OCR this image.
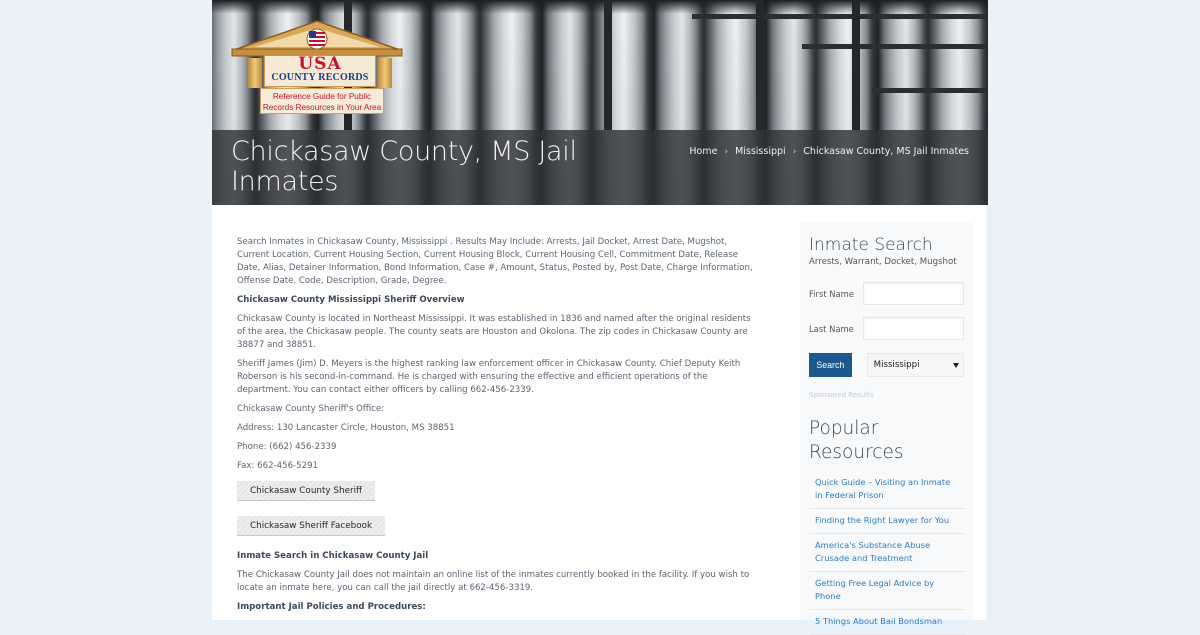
USA
COUNTY RECORDS
Reference Guide for Public
Records Resources in Your Area
Chickasaw County, MS Jail Inmates
Home › Mississippi › Chickasaw County, MS Jail Inmates

Search Inmates in Chickasaw County, Mississippi . Results May Include: Arrests, Jail Docket, Arrest Date, Mugshot, Current Location, Current Housing Section, Current Housing Block, Current Housing Cell, Commitment Date, Release Date, Alias, Detainer Information, Bond Information, Case #, Amount, Status, Posted by, Post Date, Charge Information, Offense Date, Code, Description, Grade, Degree.

Chickasaw County Mississippi Sheriff Overview

Chickasaw County is located in Northeast Mississippi. It was established in 1836 and named after the original residents of the area, the Chickasaw people. The county seats are Houston and Okolona. The zip codes in Chickasaw County are 38877 and 38851.

Sheriff James (Jim) D. Meyers is the highest ranking law enforcement officer in Chickasaw County. Chief Deputy Keith Roberson is his second-in-command. He is charged with ensuring the effective and efficient operations of the department. You can contact either officers by calling 662-456-2339.

Chickasaw County Sheriff's Office:

Address: 130 Lancaster Circle, Houston, MS 38851

Phone: (662) 456-2339

Fax: 662-456-5291

Chickasaw County Sheriff
Chickasaw Sheriff Facebook
Inmate Search in Chickasaw County Jail

The Chickasaw County Jail does not maintain an online list of the inmates currently booked in the facility. If you wish to locate an inmate here, you can call the jail directly at 662-456-3319.

Important Jail Policies and Procedures:
Inmate Search
Arrests, Warrant, Docket, Mugshot
First Name
Last Name
Search	Mississippi
Sponsored Results
Popular Resources
Quick Guide – Visiting an Inmate in Federal Prison
Finding the Right Lawyer for You
America's Substance Abuse Crusade and Treatment
Getting Free Legal Advice by Phone
5 Things About Bail Bondsman
